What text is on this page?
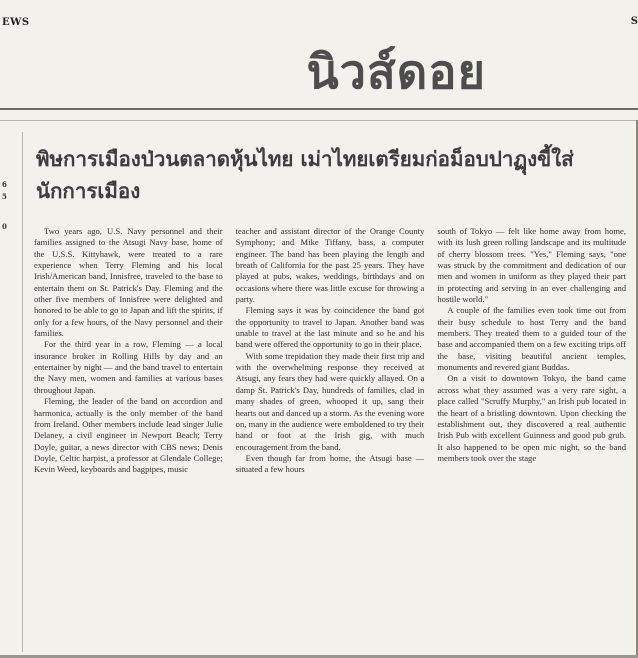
EWS	S
นิวส์ดอย
6
5
0
พิษการเมืองป่วนตลาดหุ้นไทย เม่าไทยเตรียมก่อม็อบปาฏุงขี้ใส่นักการเมือง

Two years ago, U.S. Navy personnel and their families assigned to the Atsugi Navy base, home of the U.S.S. Kittyhawk, were treated to a rare experience when Terry Fleming and his local Irish/American band, Innisfree, traveled to the base to entertain them on St. Patrick's Day. Fleming and the other five members of Innisfree were delighted and honored to be able to go to Japan and lift the spirits, if only for a few hours, of the Navy personnel and their families.

For the third year in a row, Fleming — a local insurance broker in Rolling Hills by day and an entertainer by night — and the band travel to entertain the Navy men, women and families at various bases throughout Japan.

Fleming, the leader of the band on accordion and harmonica, actually is the only member of the band from Ireland. Other members include lead singer Julie Delaney, a civil engineer in Newport Beach; Terry Doyle, guitar, a news director with CBS news; Denis Doyle, Celtic harpist, a professor at Glendale College; Kevin Weed, keyboards and bagpipes, music

teacher and assistant director of the Orange County Symphony; and Mike Tiffany, bass, a computer engineer. The band has been playing the length and breath of California for the past 25 years. They have played at pubs, wakes, weddings, birthdays and on occasions where there was little excuse for throwing a party.

Fleming says it was by coincidence the band got the opportunity to travel to Japan. Another band was unable to travel at the last minute and so he and his band were offered the opportunity to go in their place.

With some trepidation they made their first trip and with the overwhelming response they received at Atsugi, any fears they had were quickly allayed. On a damp St. Patrick's Day, hundreds of families, clad in many shades of green, whooped it up, sang their hearts out and danced up a storm. As the evening wore on, many in the audience were emboldened to try their hand or foot at the Irish gig, with much encouragement from the band.

Even though far from home, the Atsugi base — situated a few hours

south of Tokyo — felt like home away from home, with its lush green rolling landscape and its multitude of cherry blossom trees. "Yes," Fleming says, "one was struck by the commitment and dedication of our men and women in uniform as they played their part in protecting and serving in an ever challenging and hostile world."

A couple of the families even took time out from their busy schedule to host Terry and the band members. They treated them to a guided tour of the base and accompanied them on a few exciting trips off the base, visiting beautiful ancient temples, monuments and revered giant Buddas.

On a visit to downtown Tokyo, the band came across what they assumed was a very rare sight, a place called "Scruffy Murphy," an Irish pub located in the heart of a bristling downtown. Upon checking the establishment out, they discovered a real authentic Irish Pub with excellent Guinness and good pub grub. It also happened to be open mic night, so the band members took over the stage
